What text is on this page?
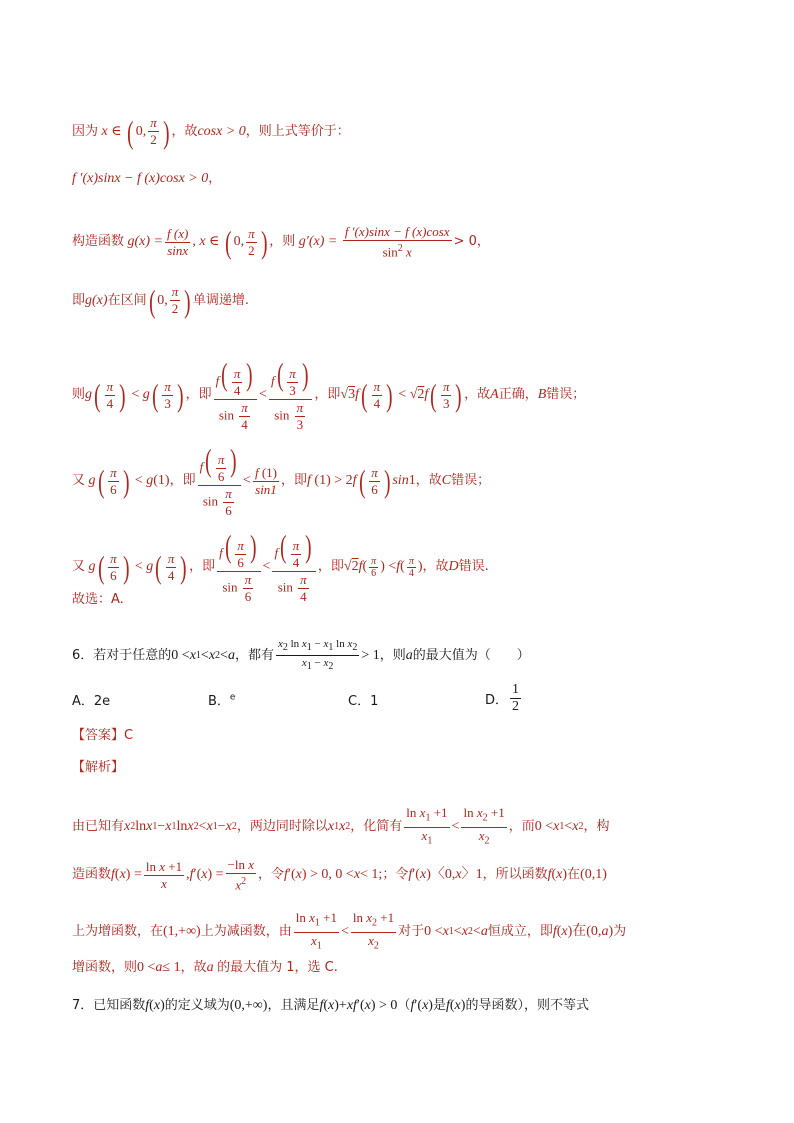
因为 x ∈ ( 0, $\frac{\pi}{2}$ ) ，故 cosx > 0 ，则上式等价于：
f ′(x)sinx − f (x)cosx > 0 ，
构造函数
$g(x) = \frac{f (x)}{\sin x}$ , x ∈ ( 0, $\frac{\pi}{2}$ ) ，则 $g'(x) = \frac{f '(x)\sin x - f (x)\cos x}{\sin^2 x} > 0$，
即 g(x) 在区间 ( 0, $\frac{\pi}{2}$ ) 单调递增.
则 g ( $\frac{\pi}{4}$ ) < g ( $\frac{\pi}{3}$ ) ，即 $\frac{f( \frac{\pi}{4} )}{\sin \frac{\pi}{4}} < \frac{f( \frac{\pi}{3} )}{\sin \frac{\pi}{3}}$ ，即 √ 3 f ( $\frac{\pi}{4}$ ) < √ 2 f ( $\frac{\pi}{3}$ ) ，故 A 正确， B 错误；
又 g ( $\frac{\pi}{6}$ ) < g (1) ，即 $\frac{f( \frac{\pi}{6} )}{\sin \frac{\pi}{6}} < \frac{f (1)}{\sin 1}$ ，即 f (1) > 2 f ( $\frac{\pi}{6}$ ) sin 1 ，故 C 错误；
又 g ( $\frac{\pi}{6}$ ) < g ( $\frac{\pi}{4}$ ) ，即 $\frac{f( \frac{\pi}{6} )}{\sin \frac{\pi}{6}} < \frac{f( \frac{\pi}{4} )}{\sin \frac{\pi}{4}}$ ，即 √ 2 f ( $\frac{\pi}{6}$ ) < f ( $\frac{\pi}{4}$ ) ，故 D 错误.
故选：A.
6．若对于任意的 0 < x 1 < x 2 < a ，都有 $\frac{\text{x2 ln x1 − x1 ln x2}}{x1 - x2} > 1$ ，则 a 的最大值为（　　）
A．2e	B．$^e$	C．1	D． $\frac{1}{2}$
【答案】C
【解析】
由已知有 x 2 ln x 1 − x 1 ln x 2 < x 1 − x 2 ，两边同时除以 x 1 x 2 ，化简有 $\frac{\ln x_1 +1}{x_1} < \frac{\ln x_2 +1}{x_2}$ ，而 0 < x 1 < x 2 ，构
造函数 f ( x ) = $\frac{\text{ln x +1}}{x}$ , f ′( x ) = $\frac{\text{−ln x}}{x^2}$ ，令 f ′( x ) > 0, 0 < x < 1; ；令 f ′( x )〈0, x 〉1 ，所以函数 f ( x ) 在 (0,1)
上为增函数，在 (1,+∞) 上为减函数，由 $\frac{\ln x_1 +1}{x_1} < \frac{\ln x_2 +1}{x_2}$ 对于 0 < x 1 < x 2 < a 恒成立，即 f ( x )在(0, a ) 为
增函数，则 0 < a ≤ 1 ，故 a
的最大值为 1，选 C.
7．已知函数 f ( x ) 的定义域为 (0,+∞) ，且满足 f ( x )+ xf ′( x ) > 0 （ f ′( x ) 是 f ( x ) 的导函数），则不等式
